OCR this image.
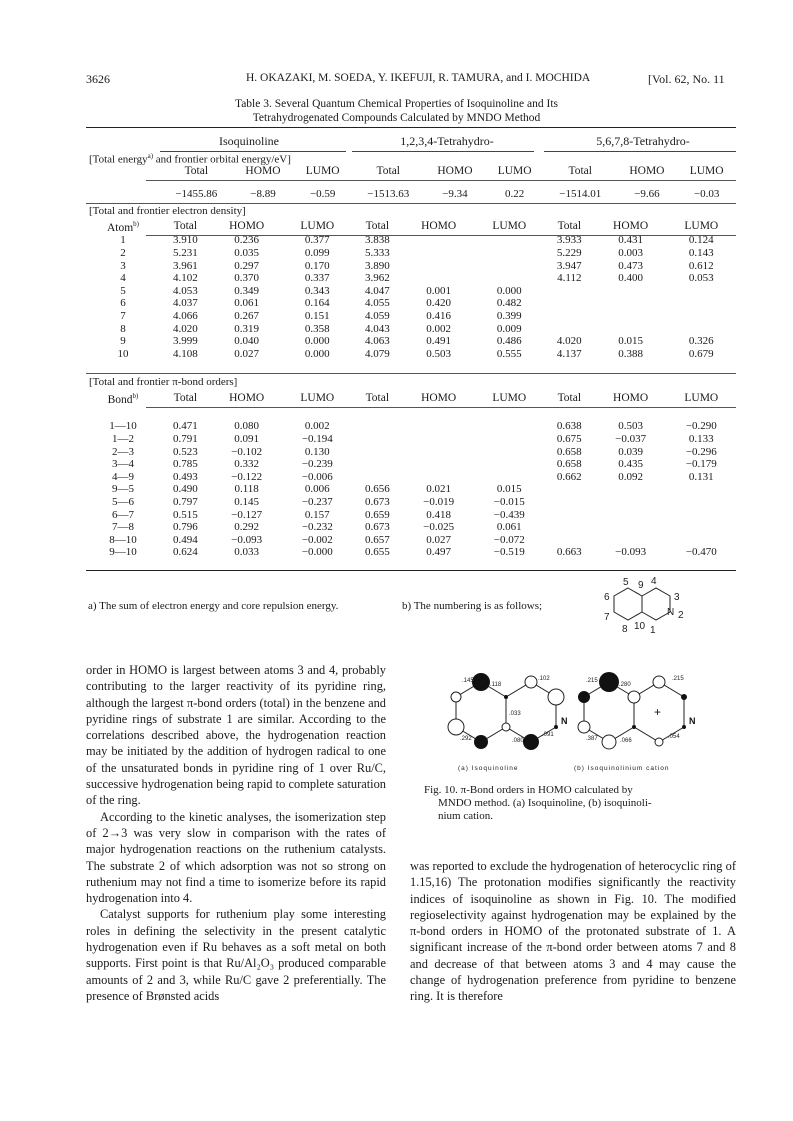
3626	H. OKAZAKI, M. SOEDA, Y. IKEFUJI, R. TAMURA, and I. MOCHIDA	[Vol. 62, No. 11
Table 3. Several Quantum Chemical Properties of Isoquinoline and Its
Tetrahydrogenated Compounds Calculated by MNDO Method
Isoquinoline	1,2,3,4-Tetrahydro-	5,6,7,8-Tetrahydro-
[Total energy$^{a)}$ and frontier orbital energy/eV]
	Total	HOMO	LUMO	Total	HOMO	LUMO	Total	HOMO	LUMO

	−1455.86	−8.89	−0.59	−1513.63	−9.34	0.22	−1514.01	−9.66	−0.03
[Total and frontier electron density]
Atom$^{b)}$	Total	HOMO	LUMO	Total	HOMO	LUMO	Total	HOMO	LUMO
1	3.910	0.236	0.377	3.838			3.933	0.431	0.124
2	5.231	0.035	0.099	5.333			5.229	0.003	0.143
3	3.961	0.297	0.170	3.890			3.947	0.473	0.612
4	4.102	0.370	0.337	3.962			4.112	0.400	0.053
5	4.053	0.349	0.343	4.047	0.001	0.000			
6	4.037	0.061	0.164	4.055	0.420	0.482			
7	4.066	0.267	0.151	4.059	0.416	0.399			
8	4.020	0.319	0.358	4.043	0.002	0.009			
9	3.999	0.040	0.000	4.063	0.491	0.486	4.020	0.015	0.326
10	4.108	0.027	0.000	4.079	0.503	0.555	4.137	0.388	0.679
[Total and frontier π-bond orders]
Bond$^{b)}$	Total	HOMO	LUMO	Total	HOMO	LUMO	Total	HOMO	LUMO

1—10	0.471	0.080	0.002				0.638	0.503	−0.290
1—2	0.791	0.091	−0.194				0.675	−0.037	0.133
2—3	0.523	−0.102	0.130				0.658	0.039	−0.296
3—4	0.785	0.332	−0.239				0.658	0.435	−0.179
4—9	0.493	−0.122	−0.006				0.662	0.092	0.131
9—5	0.490	0.118	0.006	0.656	0.021	0.015			
5—6	0.797	0.145	−0.237	0.673	−0.019	−0.015			
6—7	0.515	−0.127	0.157	0.659	0.418	−0.439			
7—8	0.796	0.292	−0.232	0.673	−0.025	0.061			
8—10	0.494	−0.093	−0.002	0.657	0.027	−0.072			
9—10	0.624	0.033	−0.000	0.655	0.497	−0.519	0.663	−0.093	−0.470
a) The sum of electron energy and core repulsion energy.	b) The numbering is as follows;
5 9 4
6	3
N 2
7
8 10 1

order in HOMO is largest between atoms 3 and 4, probably contributing to the larger reactivity of its pyridine ring, although the largest π-bond orders (total) in the benzene and pyridine rings of substrate 1 are similar. According to the correlations described above, the hydrogenation reaction may be initiated by the addition of hydrogen radical to one of the unsaturated bonds in pyridine ring of 1 over Ru/C, successive hydrogenation being rapid to complete saturation of the ring.

According to the kinetic analyses, the isomerization step of 2→3 was very slow in comparison with the rates of major hydrogenation reactions on the ruthenium catalysts. The substrate 2 of which adsorption was not so strong on ruthenium may not find a time to isomerize before its rapid hydrogenation into 4.

Catalyst supports for ruthenium play some interesting roles in defining the selectivity in the present catalytic hydrogenation even if Ru behaves as a soft metal on both supports. First point is that Ru/Al₂O₃ produced comparable amounts of 2 and 3, while Ru/C gave 2 preferentially. The presence of Brønsted acids

.145
.118
.102
.033
.292	.080
.091
N
.215
.280
.215
.387	.066
.054
+
N
(a) Isoquinoline	(b) Isoquinolinium cation
Fig. 10. π-Bond orders in HOMO calculated by
MNDO method. (a) Isoquinoline, (b) isoquinoli-
nium cation.

was reported to exclude the hydrogenation of heterocyclic ring of 1.15,16) The protonation modifies significantly the reactivity indices of isoquinoline as shown in Fig. 10. The modified regioselectivity against hydrogenation may be explained by the π-bond orders in HOMO of the protonated substrate of 1. A significant increase of the π-bond order between atoms 7 and 8 and decrease of that between atoms 3 and 4 may cause the change of hydrogenation preference from pyridine to benzene ring. It is therefore
